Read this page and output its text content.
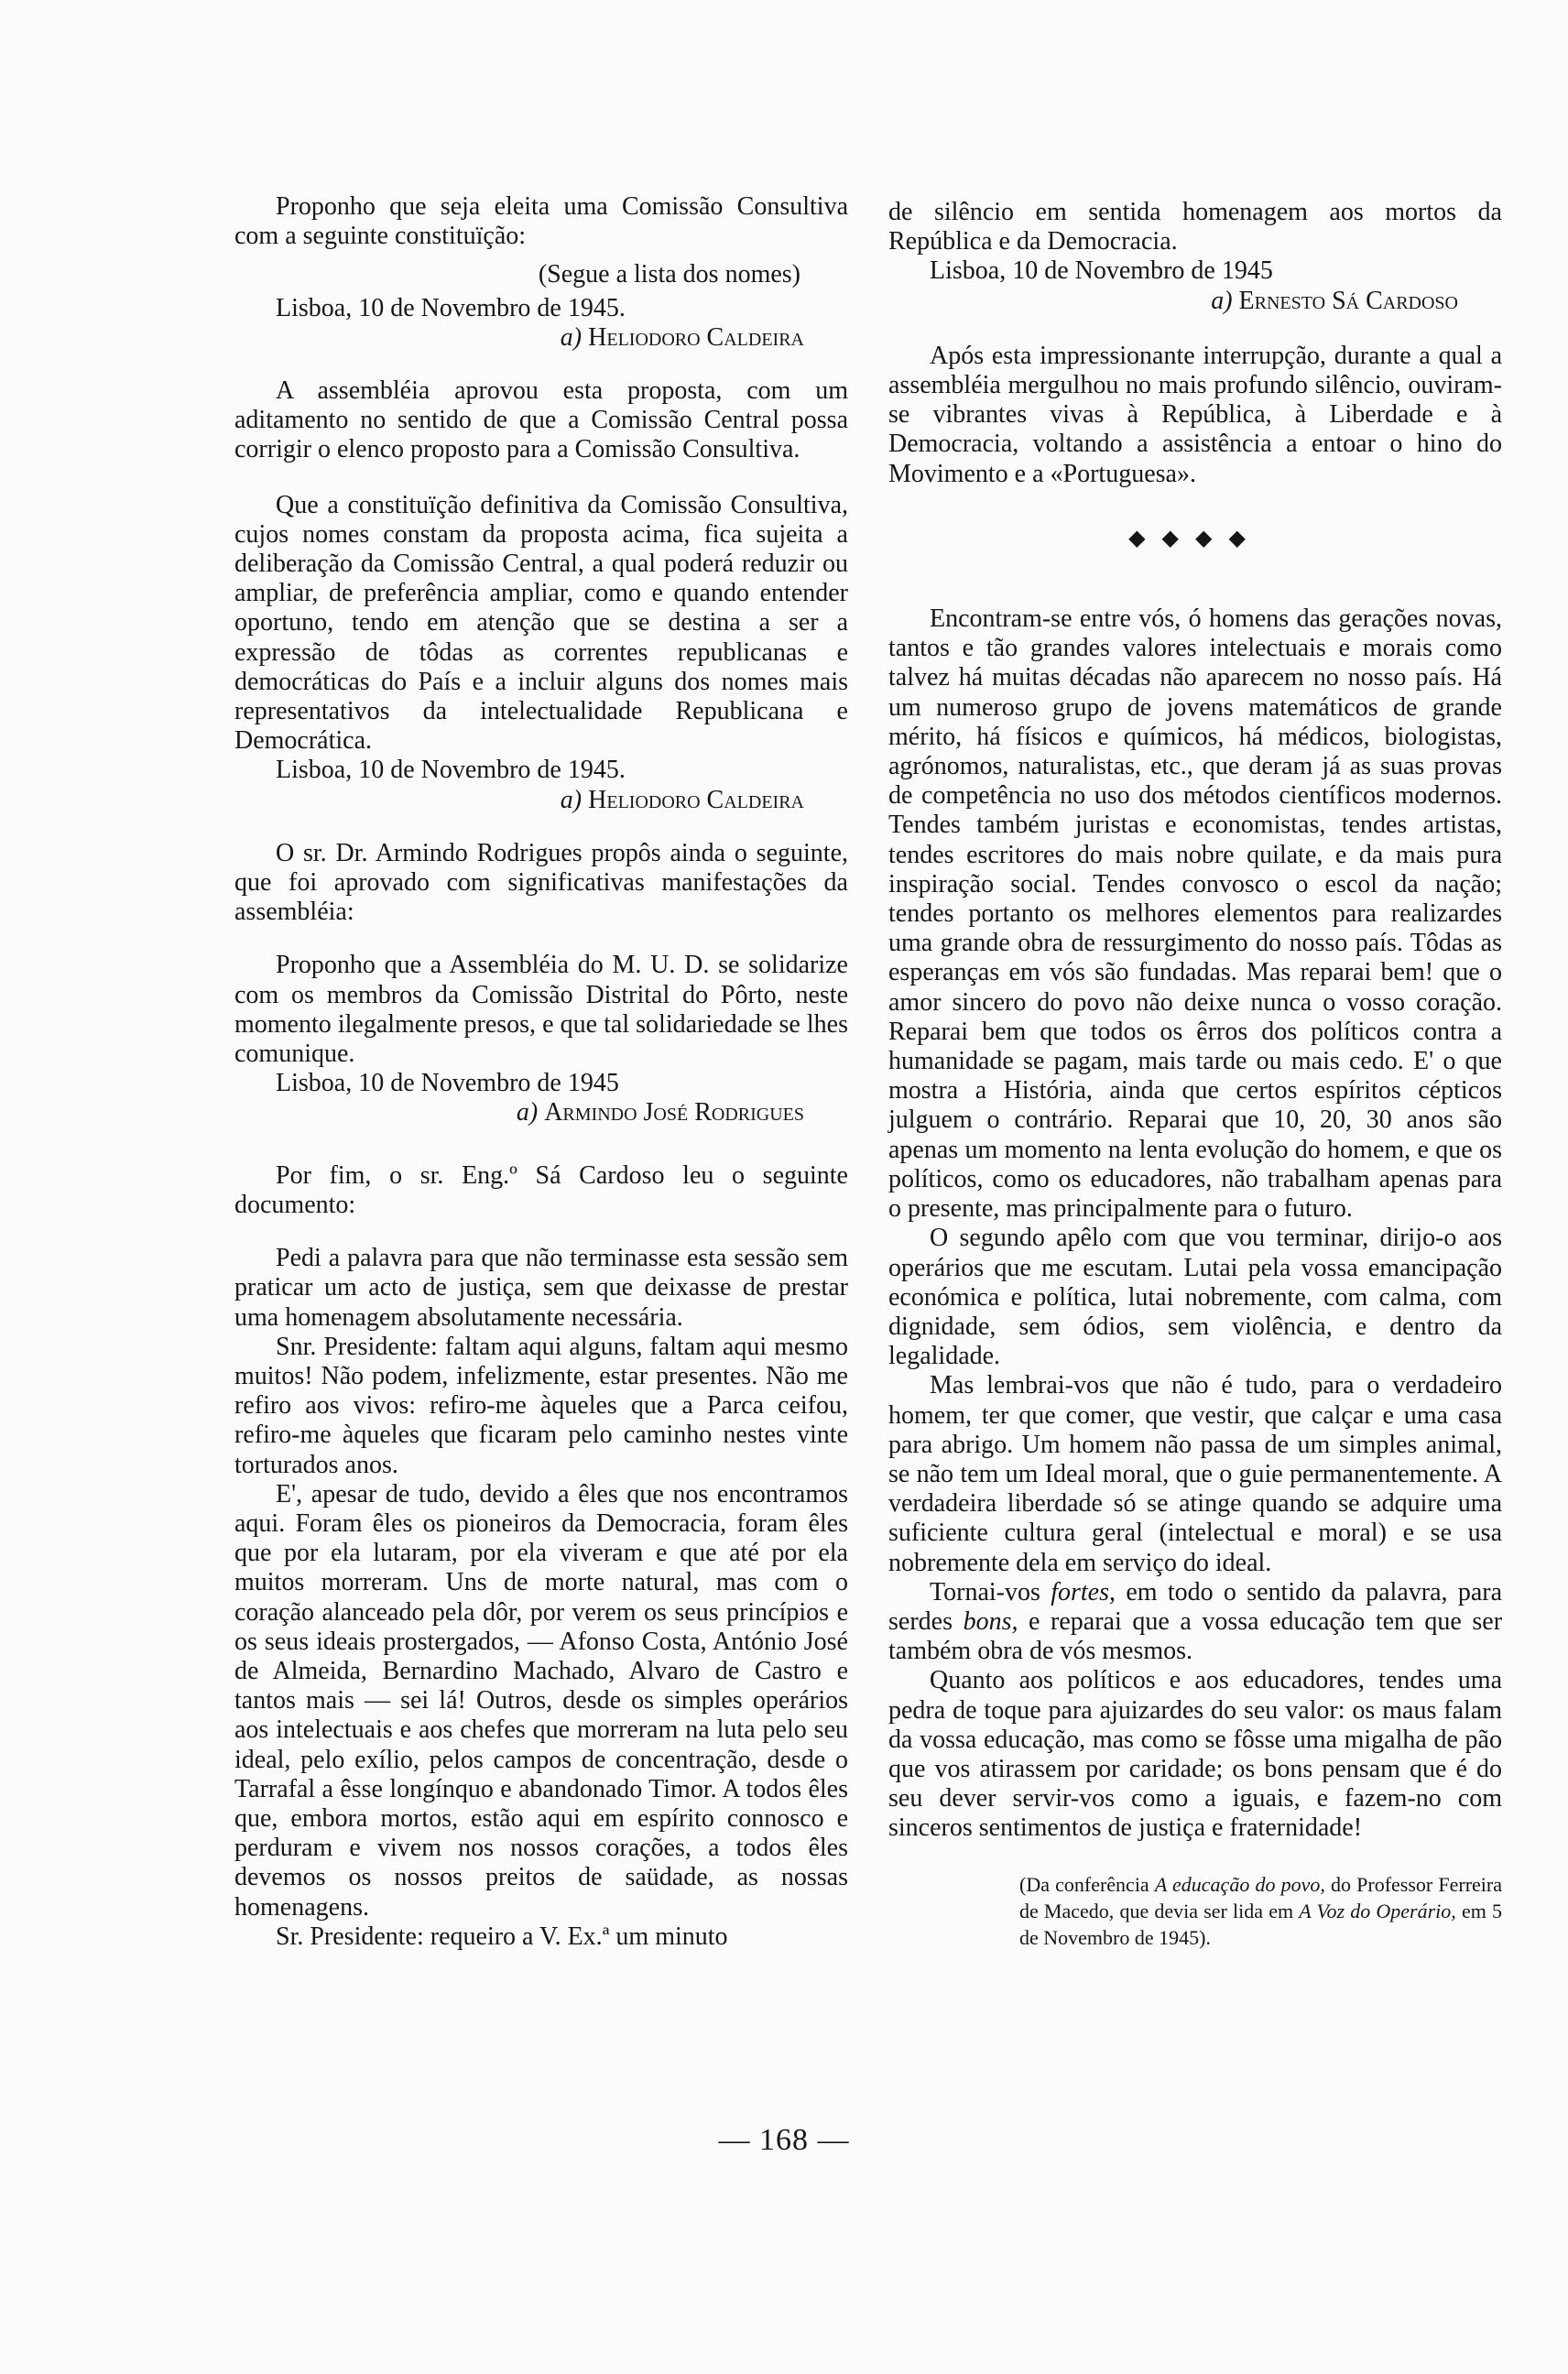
Proponho que seja eleita uma Comissão Consultiva com a seguinte constituïção:

(Segue a lista dos nomes)

Lisboa, 10 de Novembro de 1945.

a) Heliodoro Caldeira

A assembléia aprovou esta proposta, com um aditamento no sentido de que a Comissão Central possa corrigir o elenco proposto para a Comissão Consultiva.

Que a constituïção definitiva da Comissão Consultiva, cujos nomes constam da proposta acima, fica sujeita a deliberação da Comissão Central, a qual poderá reduzir ou ampliar, de preferência ampliar, como e quando entender oportuno, tendo em atenção que se destina a ser a expressão de tôdas as correntes republicanas e democráticas do País e a incluir alguns dos nomes mais representativos da intelectualidade Republicana e Democrática.

Lisboa, 10 de Novembro de 1945.

a) Heliodoro Caldeira

O sr. Dr. Armindo Rodrigues propôs ainda o seguinte, que foi aprovado com significativas manifestações da assembléia:

Proponho que a Assembléia do M. U. D. se solidarize com os membros da Comissão Distrital do Pôrto, neste momento ilegalmente presos, e que tal solidariedade se lhes comunique.

Lisboa, 10 de Novembro de 1945

a) Armindo José Rodrigues

Por fim, o sr. Eng.º Sá Cardoso leu o seguinte documento:

Pedi a palavra para que não terminasse esta sessão sem praticar um acto de justiça, sem que deixasse de prestar uma homenagem absolutamente necessária.

Snr. Presidente: faltam aqui alguns, faltam aqui mesmo muitos! Não podem, infelizmente, estar presentes. Não me refiro aos vivos: refiro-me àqueles que a Parca ceifou, refiro-me àqueles que ficaram pelo caminho nestes vinte torturados anos.

E', apesar de tudo, devido a êles que nos encontramos aqui. Foram êles os pioneiros da Democracia, foram êles que por ela lutaram, por ela viveram e que até por ela muitos morreram. Uns de morte natural, mas com o coração alanceado pela dôr, por verem os seus princípios e os seus ideais prostergados, — Afonso Costa, António José de Almeida, Bernardino Machado, Alvaro de Castro e tantos mais — sei lá! Outros, desde os simples operários aos intelectuais e aos chefes que morreram na luta pelo seu ideal, pelo exílio, pelos campos de concentração, desde o Tarrafal a êsse longínquo e abandonado Timor. A todos êles que, embora mortos, estão aqui em espírito connosco e perduram e vivem nos nossos corações, a todos êles devemos os nossos preitos de saüdade, as nossas homenagens.

Sr. Presidente: requeiro a V. Ex.ª um minuto

de silêncio em sentida homenagem aos mortos da República e da Democracia.

Lisboa, 10 de Novembro de 1945

a) Ernesto Sá Cardoso

Após esta impressionante interrupção, durante a qual a assembléia mergulhou no mais profundo silêncio, ouviram-se vibrantes vivas à República, à Liberdade e à Democracia, voltando a assistência a entoar o hino do Movimento e a «Portuguesa».

◆◆◆◆

Encontram-se entre vós, ó homens das gerações novas, tantos e tão grandes valores intelectuais e morais como talvez há muitas décadas não aparecem no nosso país. Há um numeroso grupo de jovens matemáticos de grande mérito, há físicos e químicos, há médicos, biologistas, agrónomos, naturalistas, etc., que deram já as suas provas de competência no uso dos métodos científicos modernos. Tendes também juristas e economistas, tendes artistas, tendes escritores do mais nobre quilate, e da mais pura inspiração social. Tendes convosco o escol da nação; tendes portanto os melhores elementos para realizardes uma grande obra de ressurgimento do nosso país. Tôdas as esperanças em vós são fundadas. Mas reparai bem! que o amor sincero do povo não deixe nunca o vosso coração. Reparai bem que todos os êrros dos políticos contra a humanidade se pagam, mais tarde ou mais cedo. E' o que mostra a História, ainda que certos espíritos cépticos julguem o contrário. Reparai que 10, 20, 30 anos são apenas um momento na lenta evolução do homem, e que os políticos, como os educadores, não trabalham apenas para o presente, mas principalmente para o futuro.

O segundo apêlo com que vou terminar, dirijo-o aos operários que me escutam. Lutai pela vossa emancipação económica e política, lutai nobremente, com calma, com dignidade, sem ódios, sem violência, e dentro da legalidade.

Mas lembrai-vos que não é tudo, para o verdadeiro homem, ter que comer, que vestir, que calçar e uma casa para abrigo. Um homem não passa de um simples animal, se não tem um Ideal moral, que o guie permanentemente. A verdadeira liberdade só se atinge quando se adquire uma suficiente cultura geral (intelectual e moral) e se usa nobremente dela em serviço do ideal.

Tornai-vos fortes, em todo o sentido da palavra, para serdes bons, e reparai que a vossa educação tem que ser também obra de vós mesmos.

Quanto aos políticos e aos educadores, tendes uma pedra de toque para ajuizardes do seu valor: os maus falam da vossa educação, mas como se fôsse uma migalha de pão que vos atirassem por caridade; os bons pensam que é do seu dever servir-vos como a iguais, e fazem-no com sinceros sentimentos de justiça e fraternidade!

(Da conferência A educação do povo, do Professor Ferreira de Macedo, que devia ser lida em A Voz do Operário, em 5 de Novembro de 1945).

— 168 —
